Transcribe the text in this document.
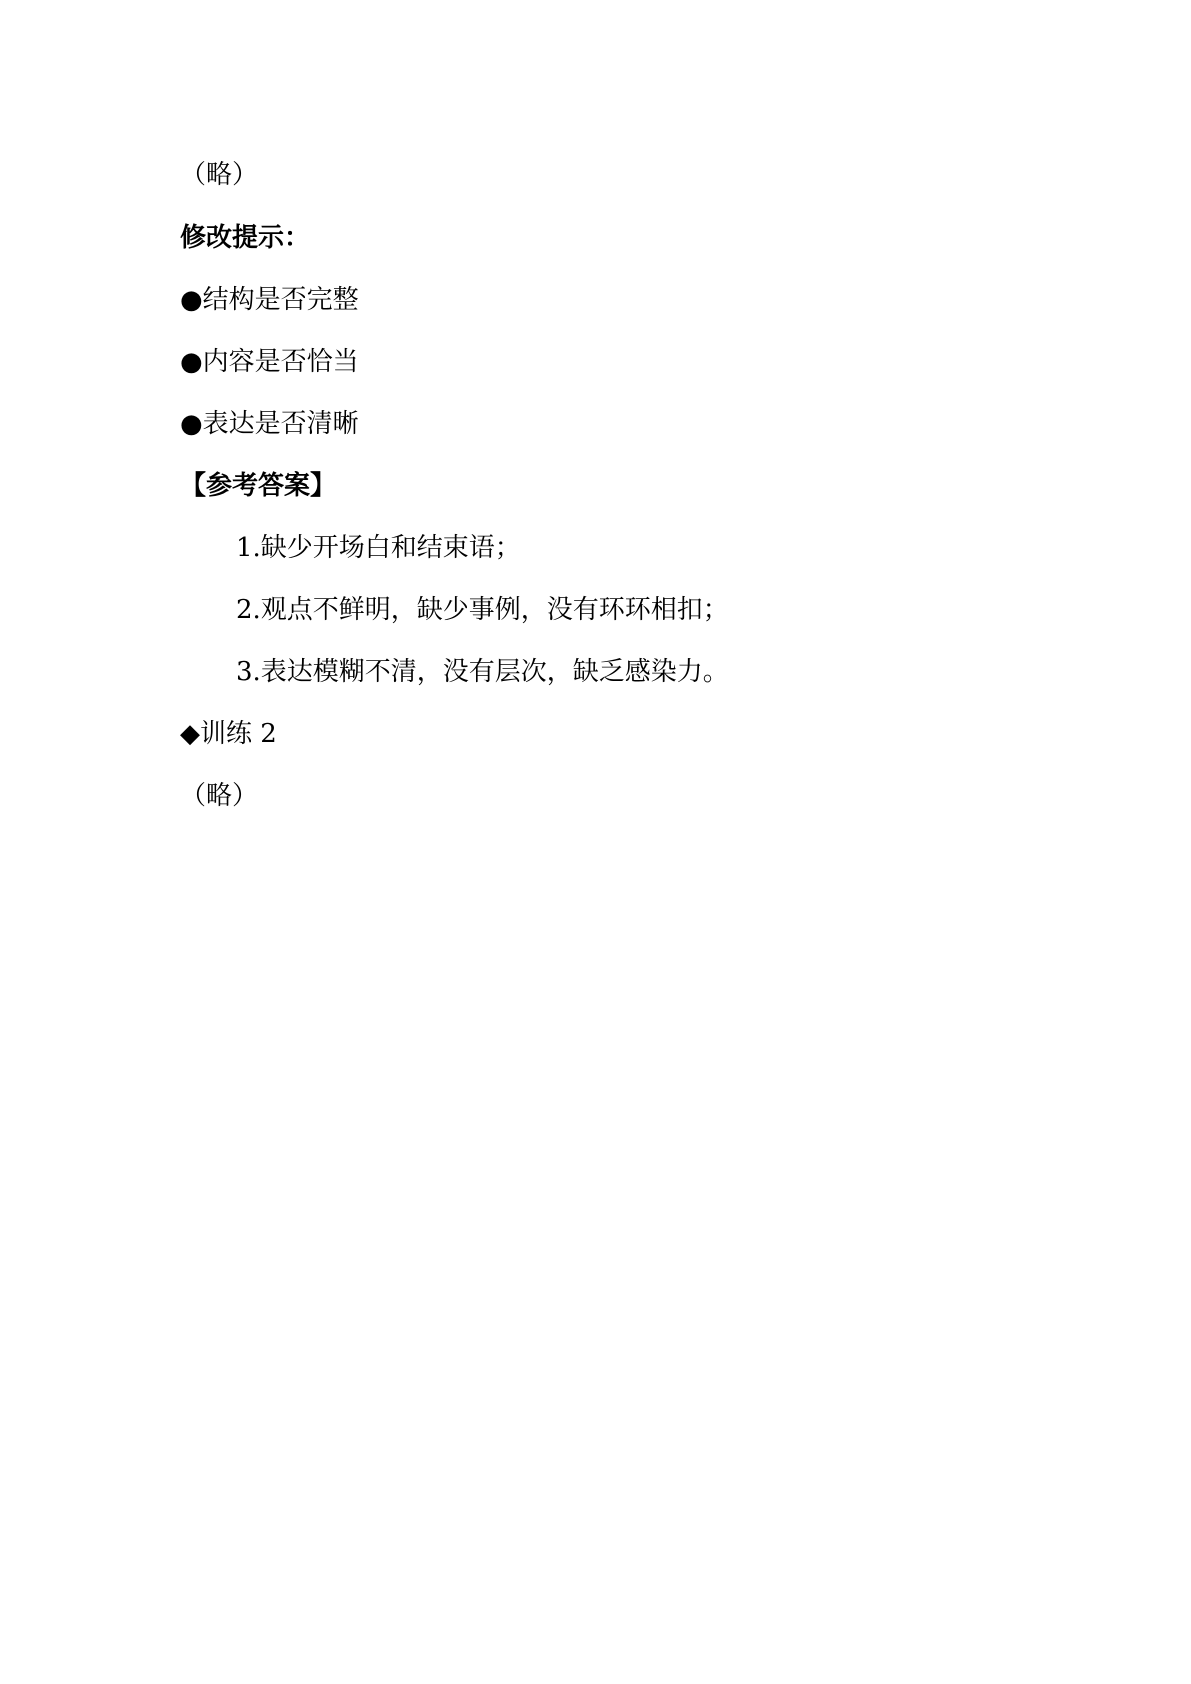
（略）
修改提示：
●结构是否完整
●内容是否恰当
●表达是否清晰
【参考答案】
1.缺少开场白和结束语；
2.观点不鲜明，缺少事例，没有环环相扣；
3.表达模糊不清，没有层次，缺乏感染力。
◆训练 2
（略）
